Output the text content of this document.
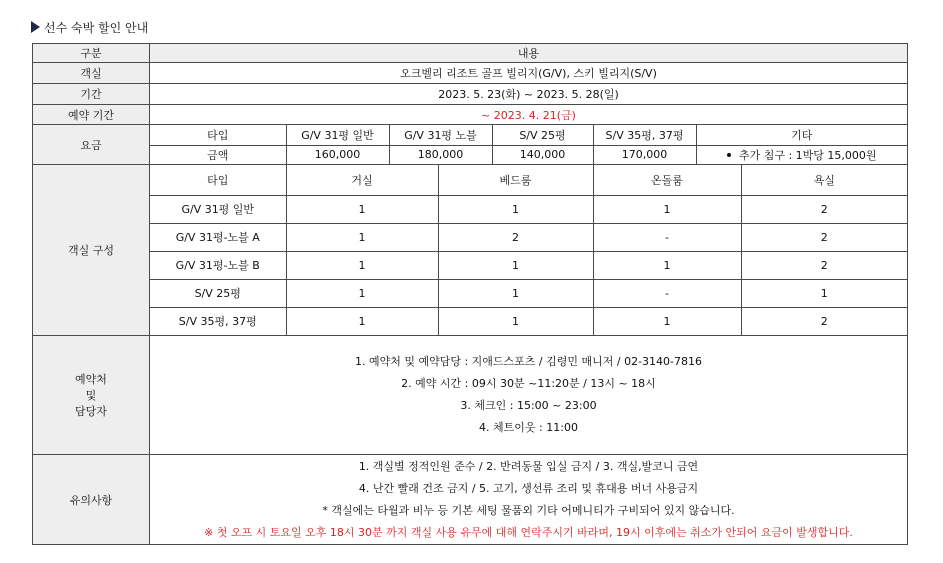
선수 숙박 할인 안내
구분	내용
객실	오크벨리 리조트 골프 빌리지(G/V), 스키 빌리지(S/V)
기간	2023. 5. 23(화) ~ 2023. 5. 28(일)
예약 기간	~ 2023. 4. 21(금)
요금	
타입	G/V 31평 일반	G/V 31평 노블	S/V 25평	S/V 35평, 37평	기타
금액	160,000	180,000	140,000	170,000	추가 침구 : 1박당 15,000원

객실 구성	
타입	거실	베드룸	온돌룸	욕실
G/V 31평 일반	1	1	1	2
G/V 31평-노블 A	1	2	-	2
G/V 31평-노블 B	1	1	1	2
S/V 25평	1	1	-	1
S/V 35평, 37평	1	1	1	2

예약처
및
담당자

1. 예약처 및 예약담당 : 지애드스포츠 / 김령민 매니저 / 02-3140-7816
2. 예약 시간 : 09시 30분 ~11:20분 / 13시 ~ 18시
3. 체크인 : 15:00 ~ 23:00
4. 체트이웃 : 11:00

유의사항	
1. 객실별 정적인원 준수 / 2. 반려동물 입실 금지 / 3. 객실,발코니 금연
4. 난간 빨래 건조 금지 / 5. 고기, 생선류 조리 및 휴대용 버너 사용금지
* 객실에는 타월과 비누 등 기본 세팅 물품외 기타 어메니티가 구비되어 있지 않습니다.
※ 첫 오프 시 토요일 오후 18시 30분 까지 객실 사용 유무에 대해 연락주시기 바라며, 19시 이후에는 취소가 안되어 요금이 발생합니다.
